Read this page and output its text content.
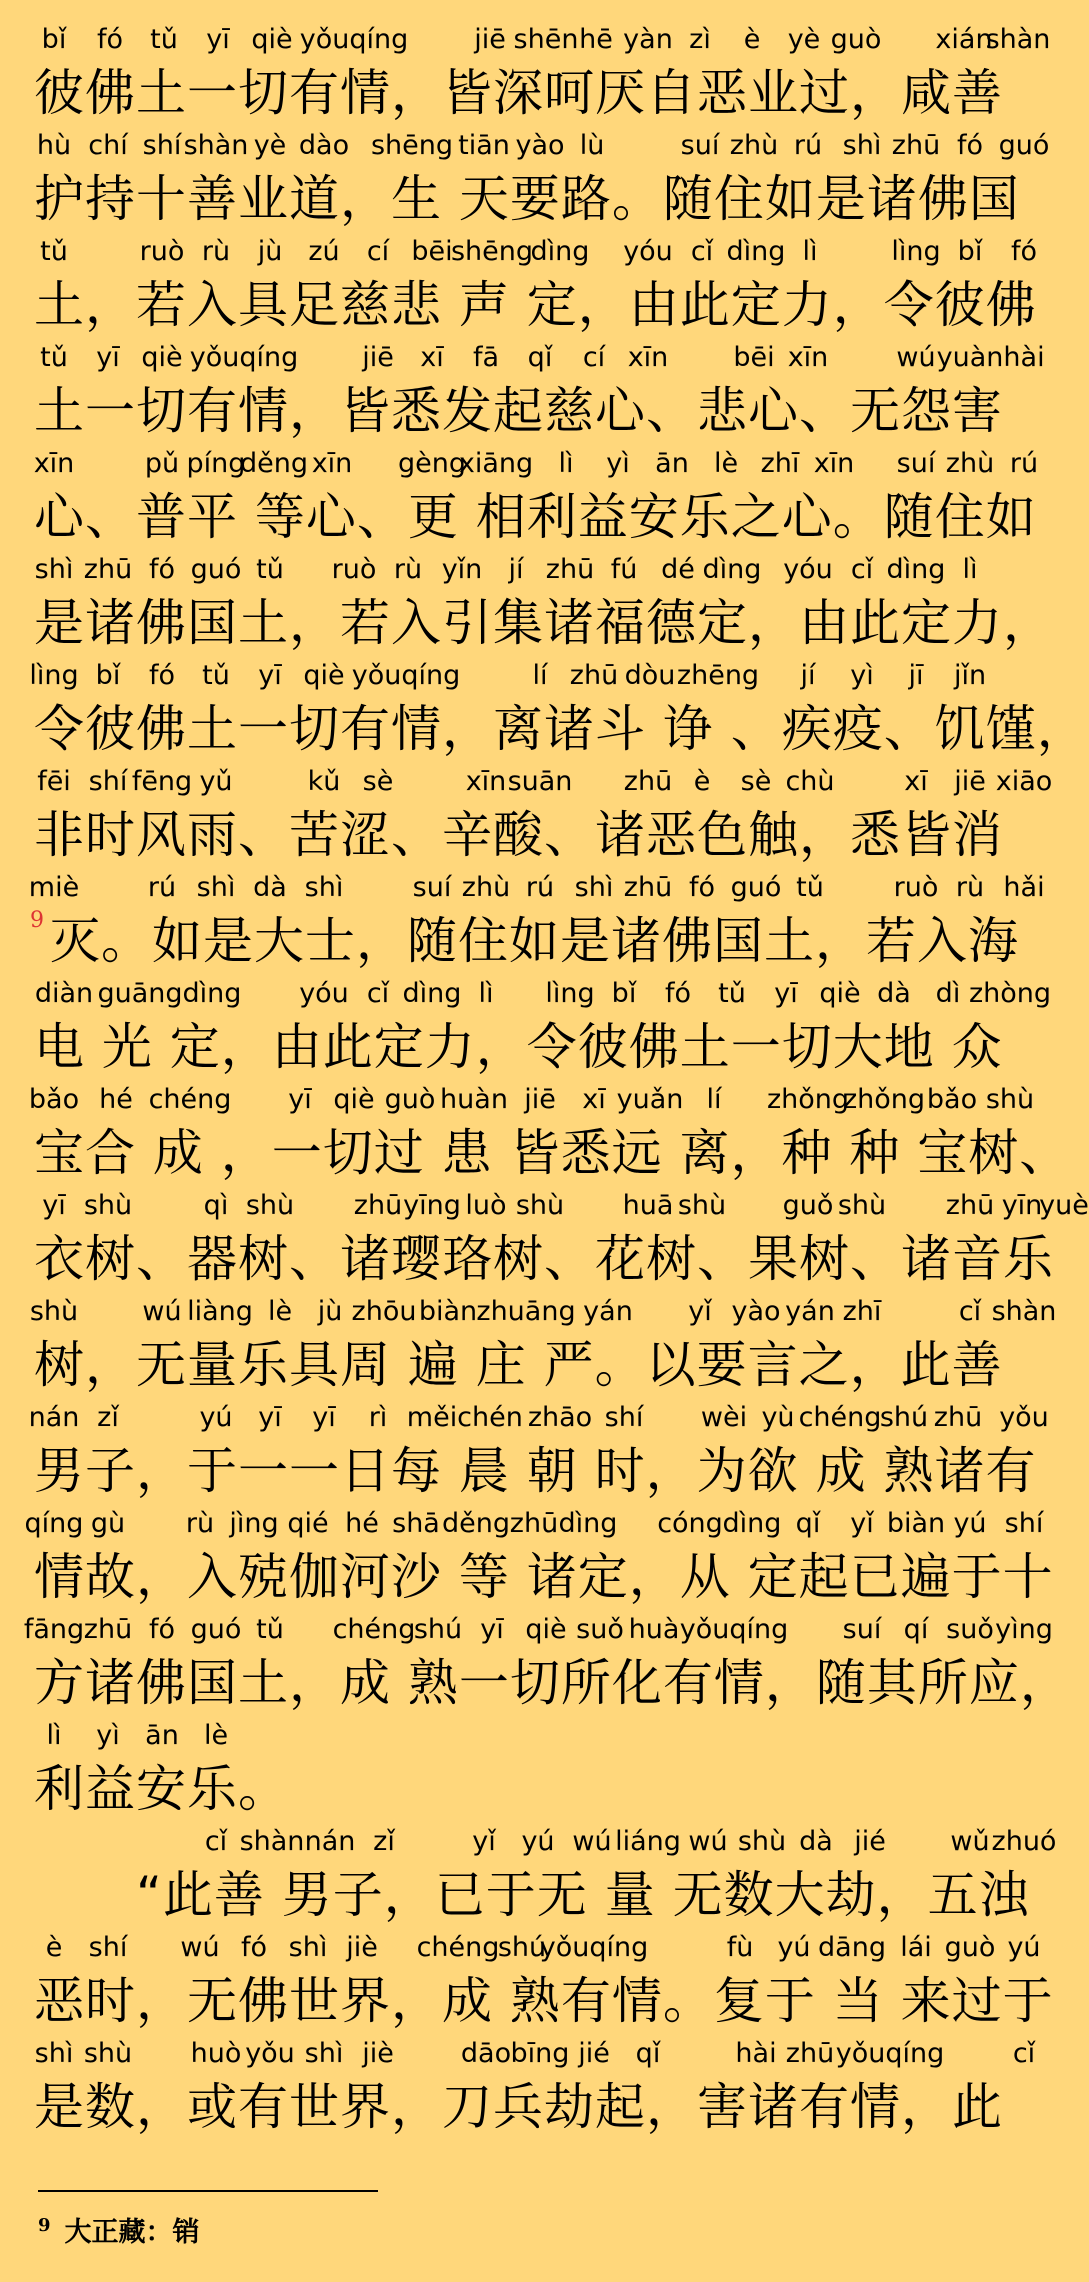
bǐ fó tǔ yī qiè yǒuqíng jiē shēn hē yàn zì è yè guò xián
shàn
彼佛土一切有情，皆深呵厌自恶业过，咸善
hù chí shí shàn yè dào shēng tiān yào lù	suí zhù rú shì zhū fó guó
护持十善业道，生 天要路。随住如是诸佛国
tǔ	ruò rù jù zú cí bēi
shēng
dìng yóu cǐ dìng lì	lìng bǐ fó
土，若入具足慈悲 声 定，由此定力，令彼佛
tǔ yī qiè yǒuqíng jiē xī fā qǐ cí xīn bēi xīn	wú yuàn hài
土一切有情，皆悉发起慈心、悲心、无怨害
xīn	pǔ píng
děng xīn gèng
xiāng lì yì ān lè zhī xīn suí zhù rú
心、普平 等心、更 相利益安乐之心。随住如
shì zhū fó guó tǔ ruò rù yǐn jí zhū fú dé dìng yóu cǐ dìng lì
是诸佛国土，若入引集诸福德定，由此定力，
lìng bǐ fó tǔ yī qiè yǒuqíng	lí zhū dòu zhēng jí yì jī jǐn
令彼佛土一切有情，离诸斗 诤 、疾疫、饥馑，
fēi shí fēng yǔ	kǔ sè	xīn suān zhū è sè chù	xī jiē xiāo
非时风雨、苦涩、辛酸、诸恶色触，悉皆消
miè	rú shì dà shì	suí zhù rú shì zhū fó guó tǔ	ruò rù hǎi
灭。如是大士，随住如是诸佛国土，若入海
9
diàn guāng dìng yóu cǐ dìng lì lìng bǐ fó tǔ yī qiè dà dì zhòng
电 光 定，由此定力，令彼佛土一切大地 众
bǎo hé chéng yī qiè guò huàn jiē xī yuǎn lí zhǒng
zhǒng bǎo shù
宝合 成 ，一切过 患 皆悉远 离，种 种 宝树、
yī shù	qì shù zhū yīng luò shù huā shù guǒ shù zhū yīn
yuè
衣树、器树、诸璎珞树、花树、果树、诸音乐
shù wú liàng lè jù zhōu biàn zhuāng yán yǐ yào yán zhī	cǐ shàn
树，无量乐具周 遍 庄 严。以要言之，此善
nán zǐ	yú yī yī rì měi chén zhāo shí wèi yù chéng
shú zhū yǒu
男子，于一一日每 晨 朝 时，为欲 成 熟诸有
qíng gù rù jìng qié hé shā děng zhū dìng cóng dìng qǐ yǐ biàn yú shí
情故，入殑伽河沙 等 诸定，从 定起已遍于十
fāng zhū fó guó tǔ chéng
shú yī qiè suǒ huà yǒuqíng suí qí suǒ yìng
方诸佛国土，成 熟一切所化有情，随其所应，
lì yì ān lè
利益安乐。
cǐ shàn nán zǐ	yǐ yú wú liáng wú shù dà jié wǔ zhuó
　　“此善 男子，已于无 量 无数大劫，五浊
è shí wú fó shì jiè chéng
shú
yǒuqíng	fù yú dāng lái guò yú
恶时，无佛世界，成 熟有情。复于 当 来过于
shì shù huò yǒu shì jiè dāo bīng jié qǐ	hài zhū yǒuqíng	cǐ
是数，或有世界，刀兵劫起，害诸有情，此
$^9$ 大正藏：销
